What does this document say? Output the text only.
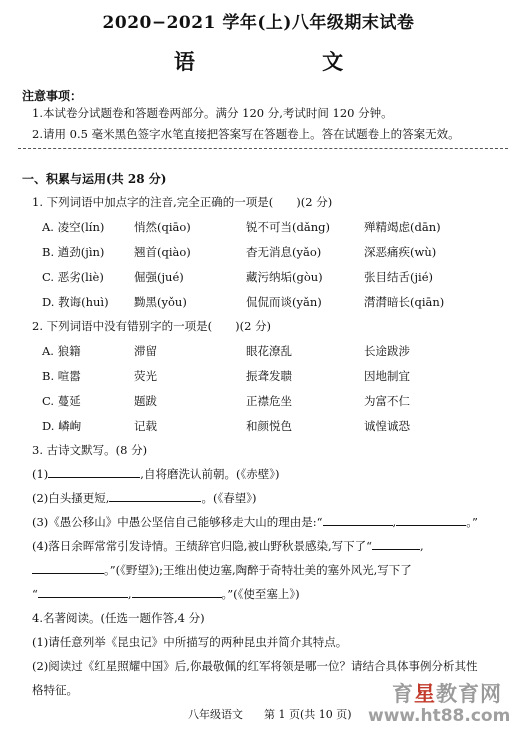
2020−2021 学年(上)八年级期末试卷
语 文
注意事项：
1.本试卷分试题卷和答题卷两部分。满分 120 分,考试时间 120 分钟。
2.请用 0.5 毫米黑色签字水笔直接把答案写在答题卷上。答在试题卷上的答案无效。
一、积累与运用(共 28 分)
1. 下列词语中加点字的注音,完全正确的一项是(　　)(2 分)
A. 凌空(lín)	悄然(qiāo)	锐不可当(dǎng)	殚精竭虑(dān)
B. 遒劲(jìn)	翘首(qiào)	杳无消息(yǎo)	深恶痛疾(wù)
C. 恶劣(liè)	倔强(jué)	藏污纳垢(gòu)	张目结舌(jié)
D. 教诲(huì) 黝黑(yǒu)	侃侃而谈(yǎn)	潸潸暗长(qiān)
2. 下列词语中没有错别字的一项是(　　)(2 分)
A. 狼籍	滞留	眼花潦乱	长途跋涉
B. 喧嚣	荧光	振聋发聩	因地制宜
C. 蔓延	题跋	正襟危坐	为富不仁
D. 嶙峋	记载	和颜悦色	诚惶诚恐
3. 古诗文默写。(8 分)
(1)	,自将磨洗认前朝。(《赤壁》)
(2)白头搔更短,	。(《春望》)
(3)《愚公移山》中愚公坚信自己能够移走大山的理由是:“	,	。”
(4)落日余晖常常引发诗情。王绩辞官归隐,被山野秋景感染,写下了“	,
。”(《野望》);王维出使边塞,陶醉于奇特壮美的塞外风光,写下了
“	,	。”(《使至塞上》)
4.名著阅读。(任选一题作答,4 分)
(1)请任意列举《昆虫记》中所描写的两种昆虫并简介其特点。
(2)阅读过《红星照耀中国》后,你最敬佩的红军将领是哪一位？请结合具体事例分析其性
格特征。
八年级语文 第 1 页(共 10 页)
育星教育网
www.ht88.com
